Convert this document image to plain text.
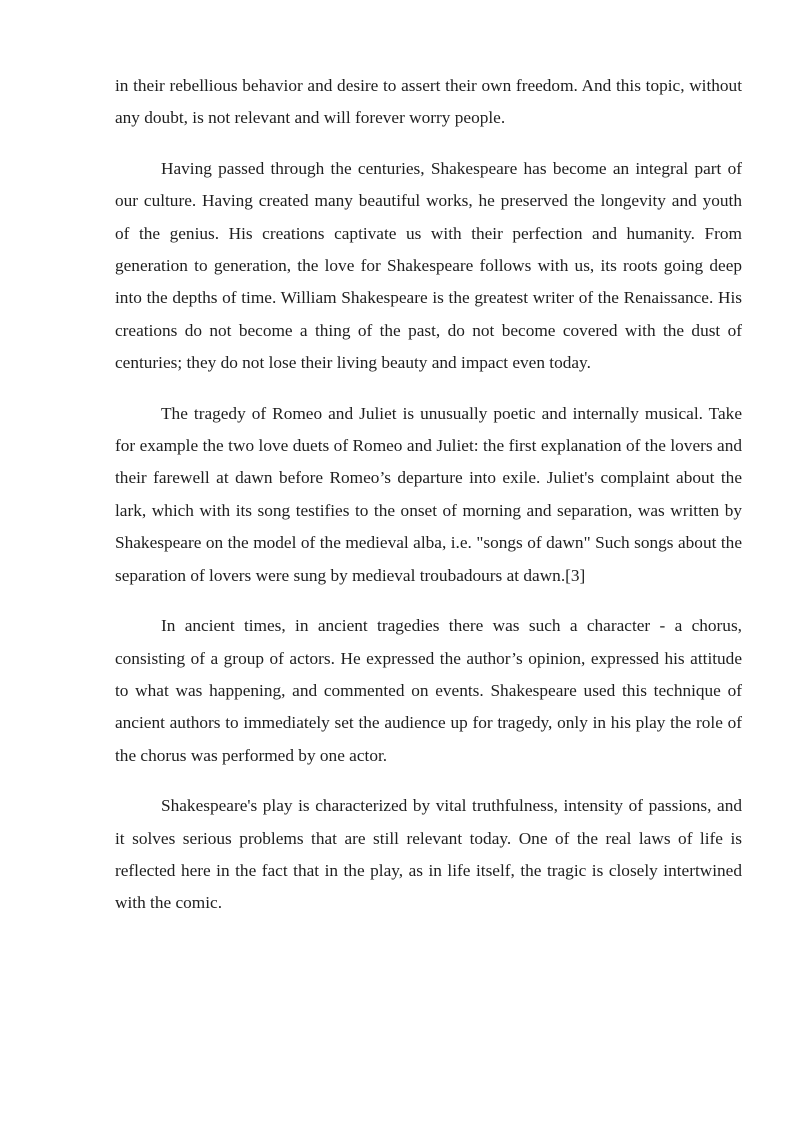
in their rebellious behavior and desire to assert their own freedom. And this topic, without any doubt, is not relevant and will forever worry people.

Having passed through the centuries, Shakespeare has become an integral part of our culture. Having created many beautiful works, he preserved the longevity and youth of the genius. His creations captivate us with their perfection and humanity. From generation to generation, the love for Shakespeare follows with us, its roots going deep into the depths of time. William Shakespeare is the greatest writer of the Renaissance. His creations do not become a thing of the past, do not become covered with the dust of centuries; they do not lose their living beauty and impact even today.

The tragedy of Romeo and Juliet is unusually poetic and internally musical. Take for example the two love duets of Romeo and Juliet: the first explanation of the lovers and their farewell at dawn before Romeo’s departure into exile. Juliet's complaint about the lark, which with its song testifies to the onset of morning and separation, was written by Shakespeare on the model of the medieval alba, i.e. "songs of dawn" Such songs about the separation of lovers were sung by medieval troubadours at dawn.[3]

In ancient times, in ancient tragedies there was such a character - a chorus, consisting of a group of actors. He expressed the author’s opinion, expressed his attitude to what was happening, and commented on events. Shakespeare used this technique of ancient authors to immediately set the audience up for tragedy, only in his play the role of the chorus was performed by one actor.

Shakespeare's play is characterized by vital truthfulness, intensity of passions, and it solves serious problems that are still relevant today. One of the real laws of life is reflected here in the fact that in the play, as in life itself, the tragic is closely intertwined with the comic.
